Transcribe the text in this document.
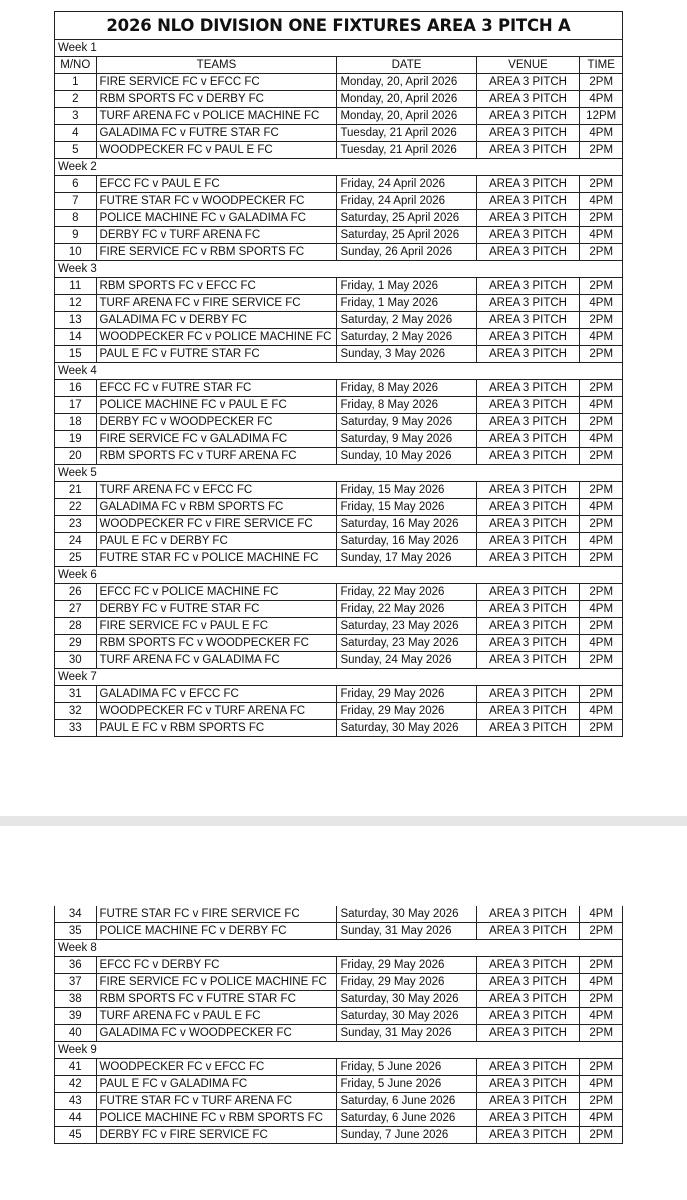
2026 NLO DIVISION ONE FIXTURES AREA 3 PITCH A				
Week 1				
M/NO	TEAMS	DATE	VENUE	TIME
1	FIRE SERVICE FC v EFCC FC	Monday, 20, April 2026	AREA 3 PITCH	2PM
2	RBM SPORTS FC v DERBY FC	Monday, 20, April 2026	AREA 3 PITCH	4PM
3	TURF ARENA FC v POLICE MACHINE FC	Monday, 20, April 2026	AREA 3 PITCH	12PM
4	GALADIMA FC v FUTRE STAR FC	Tuesday, 21 April 2026	AREA 3 PITCH	4PM
5	WOODPECKER FC v PAUL E FC	Tuesday, 21 April 2026	AREA 3 PITCH	2PM
Week 2				
6	EFCC FC v PAUL E FC	Friday, 24 April 2026	AREA 3 PITCH	2PM
7	FUTRE STAR FC v WOODPECKER FC	Friday, 24 April 2026	AREA 3 PITCH	4PM
8	POLICE MACHINE FC v GALADIMA FC	Saturday, 25 April 2026	AREA 3 PITCH	2PM
9	DERBY FC v TURF ARENA FC	Saturday, 25 April 2026	AREA 3 PITCH	4PM
10	FIRE SERVICE FC v RBM SPORTS FC	Sunday, 26 April 2026	AREA 3 PITCH	2PM
Week 3				
11	RBM SPORTS FC v EFCC FC	Friday, 1 May 2026	AREA 3 PITCH	2PM
12	TURF ARENA FC v FIRE SERVICE FC	Friday, 1 May 2026	AREA 3 PITCH	4PM
13	GALADIMA FC v DERBY FC	Saturday, 2 May 2026	AREA 3 PITCH	2PM
14	WOODPECKER FC v POLICE MACHINE FC	Saturday, 2 May 2026	AREA 3 PITCH	4PM
15	PAUL E FC v FUTRE STAR FC	Sunday, 3 May 2026	AREA 3 PITCH	2PM
Week 4				
16	EFCC FC v FUTRE STAR FC	Friday, 8 May 2026	AREA 3 PITCH	2PM
17	POLICE MACHINE FC v PAUL E FC	Friday, 8 May 2026	AREA 3 PITCH	4PM
18	DERBY FC v WOODPECKER FC	Saturday, 9 May 2026	AREA 3 PITCH	2PM
19	FIRE SERVICE FC v GALADIMA FC	Saturday, 9 May 2026	AREA 3 PITCH	4PM
20	RBM SPORTS FC v TURF ARENA FC	Sunday, 10 May 2026	AREA 3 PITCH	2PM
Week 5				
21	TURF ARENA FC v EFCC FC	Friday, 15 May 2026	AREA 3 PITCH	2PM
22	GALADIMA FC v RBM SPORTS FC	Friday, 15 May 2026	AREA 3 PITCH	4PM
23	WOODPECKER FC v FIRE SERVICE FC	Saturday, 16 May 2026	AREA 3 PITCH	2PM
24	PAUL E FC v DERBY FC	Saturday, 16 May 2026	AREA 3 PITCH	4PM
25	FUTRE STAR FC v POLICE MACHINE FC	Sunday, 17 May 2026	AREA 3 PITCH	2PM
Week 6				
26	EFCC FC v POLICE MACHINE FC	Friday, 22 May 2026	AREA 3 PITCH	2PM
27	DERBY FC v FUTRE STAR FC	Friday, 22 May 2026	AREA 3 PITCH	4PM
28	FIRE SERVICE FC v PAUL E FC	Saturday, 23 May 2026	AREA 3 PITCH	2PM
29	RBM SPORTS FC v WOODPECKER FC	Saturday, 23 May 2026	AREA 3 PITCH	4PM
30	TURF ARENA FC v GALADIMA FC	Sunday, 24 May 2026	AREA 3 PITCH	2PM
Week 7				
31	GALADIMA FC v EFCC FC	Friday, 29 May 2026	AREA 3 PITCH	2PM
32	WOODPECKER FC v TURF ARENA FC	Friday, 29 May 2026	AREA 3 PITCH	4PM
33	PAUL E FC v RBM SPORTS FC	Saturday, 30 May 2026	AREA 3 PITCH	2PM
34	FUTRE STAR FC v FIRE SERVICE FC	Saturday, 30 May 2026	AREA 3 PITCH	4PM
35	POLICE MACHINE FC v DERBY FC	Sunday, 31 May 2026	AREA 3 PITCH	2PM
Week 8				
36	EFCC FC v DERBY FC	Friday, 29 May 2026	AREA 3 PITCH	2PM
37	FIRE SERVICE FC v POLICE MACHINE FC	Friday, 29 May 2026	AREA 3 PITCH	4PM
38	RBM SPORTS FC v FUTRE STAR FC	Saturday, 30 May 2026	AREA 3 PITCH	2PM
39	TURF ARENA FC v PAUL E FC	Saturday, 30 May 2026	AREA 3 PITCH	4PM
40	GALADIMA FC v WOODPECKER FC	Sunday, 31 May 2026	AREA 3 PITCH	2PM
Week 9				
41	WOODPECKER FC v EFCC FC	Friday, 5 June 2026	AREA 3 PITCH	2PM
42	PAUL E FC v GALADIMA FC	Friday, 5 June 2026	AREA 3 PITCH	4PM
43	FUTRE STAR FC v TURF ARENA FC	Saturday, 6 June 2026	AREA 3 PITCH	2PM
44	POLICE MACHINE FC v RBM SPORTS FC	Saturday, 6 June 2026	AREA 3 PITCH	4PM
45	DERBY FC v FIRE SERVICE FC	Sunday, 7 June 2026	AREA 3 PITCH	2PM
